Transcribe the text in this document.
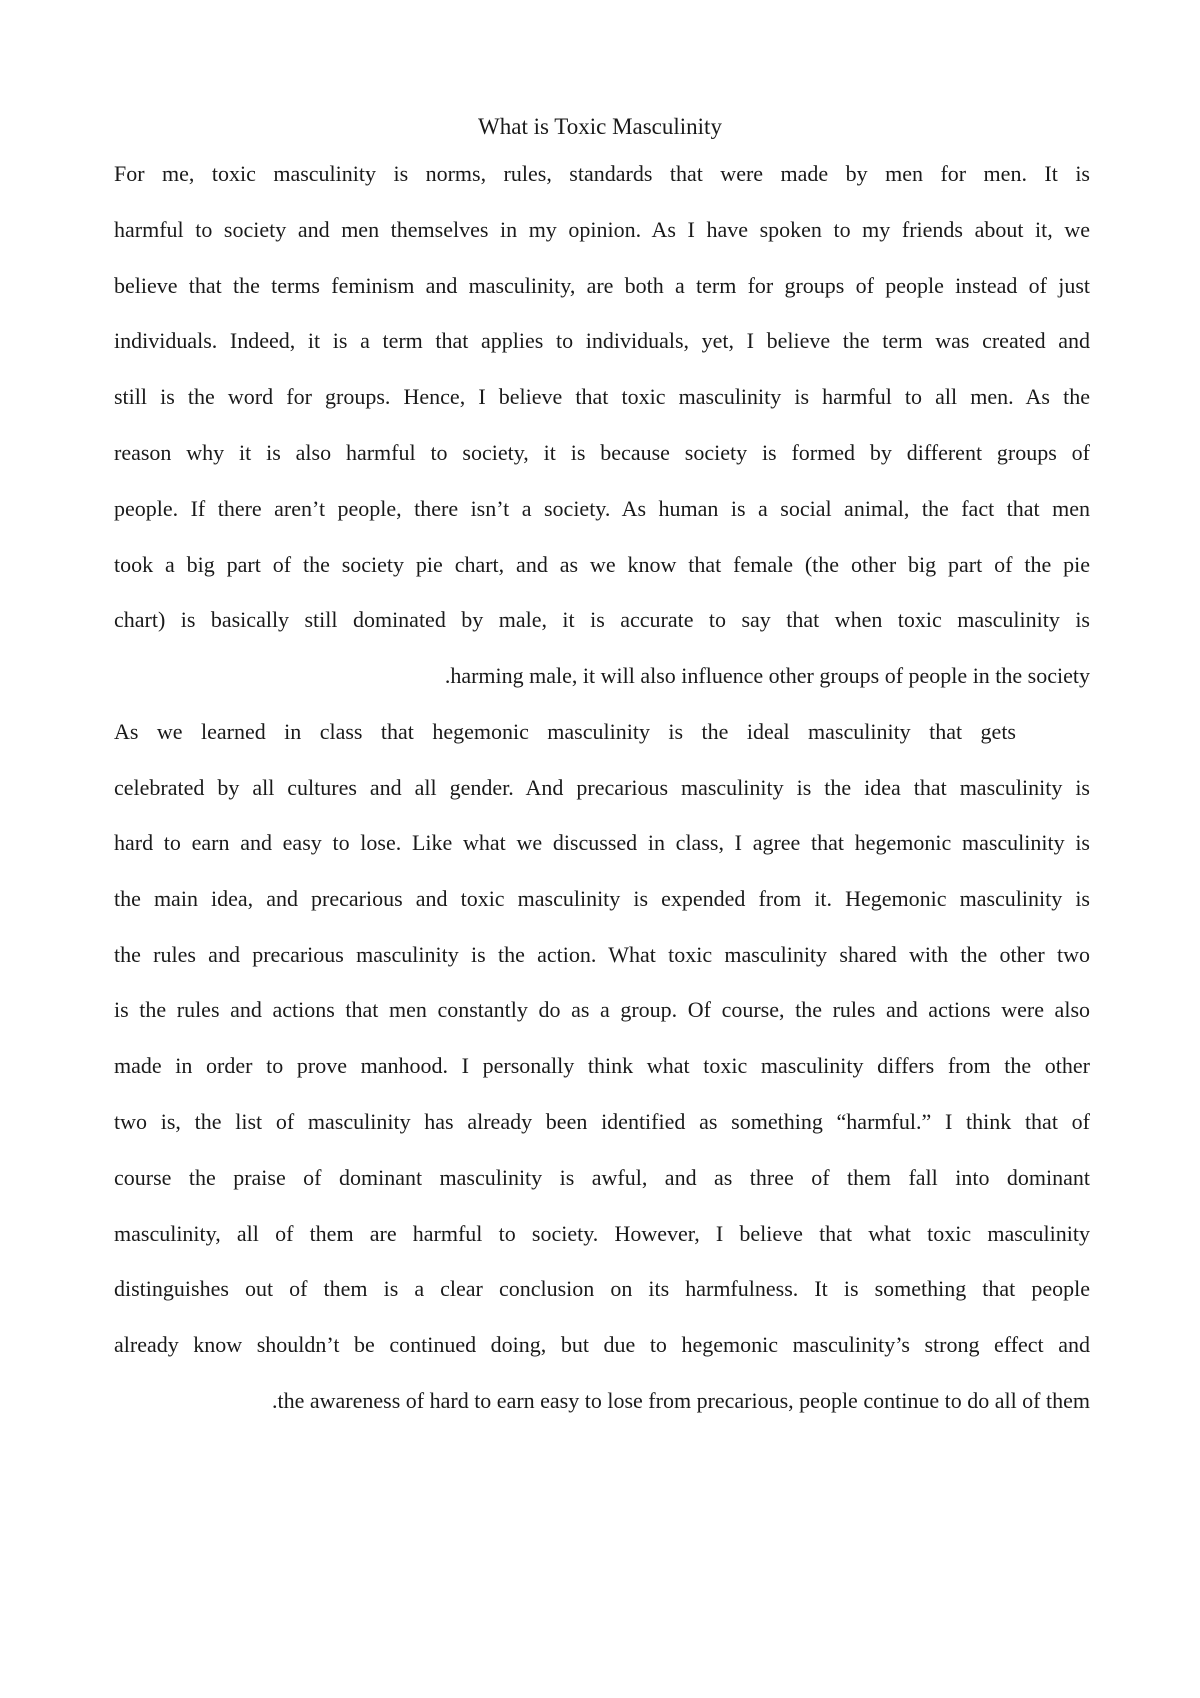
What is Toxic Masculinity
For me, toxic masculinity is norms, rules, standards that were made by men for men. It is
harmful to society and men themselves in my opinion. As I have spoken to my friends about it, we
believe that the terms feminism and masculinity, are both a term for groups of people instead of just
individuals. Indeed, it is a term that applies to individuals, yet, I believe the term was created and
still is the word for groups. Hence, I believe that toxic masculinity is harmful to all men. As the
reason why it is also harmful to society, it is because society is formed by different groups of
people. If there aren’t people, there isn’t a society. As human is a social animal, the fact that men
took a big part of the society pie chart, and as we know that female (the other big part of the pie
chart) is basically still dominated by male, it is accurate to say that when toxic masculinity is
.harming male, it will also influence other groups of people in the society
As we learned in class that hegemonic masculinity is the ideal masculinity that gets
celebrated by all cultures and all gender. And precarious masculinity is the idea that masculinity is
hard to earn and easy to lose. Like what we discussed in class, I agree that hegemonic masculinity is
the main idea, and precarious and toxic masculinity is expended from it. Hegemonic masculinity is
the rules and precarious masculinity is the action. What toxic masculinity shared with the other two
is the rules and actions that men constantly do as a group. Of course, the rules and actions were also
made in order to prove manhood. I personally think what toxic masculinity differs from the other
two is, the list of masculinity has already been identified as something “harmful.” I think that of
course the praise of dominant masculinity is awful, and as three of them fall into dominant
masculinity, all of them are harmful to society. However, I believe that what toxic masculinity
distinguishes out of them is a clear conclusion on its harmfulness. It is something that people
already know shouldn’t be continued doing, but due to hegemonic masculinity’s strong effect and
.the awareness of hard to earn easy to lose from precarious, people continue to do all of them
